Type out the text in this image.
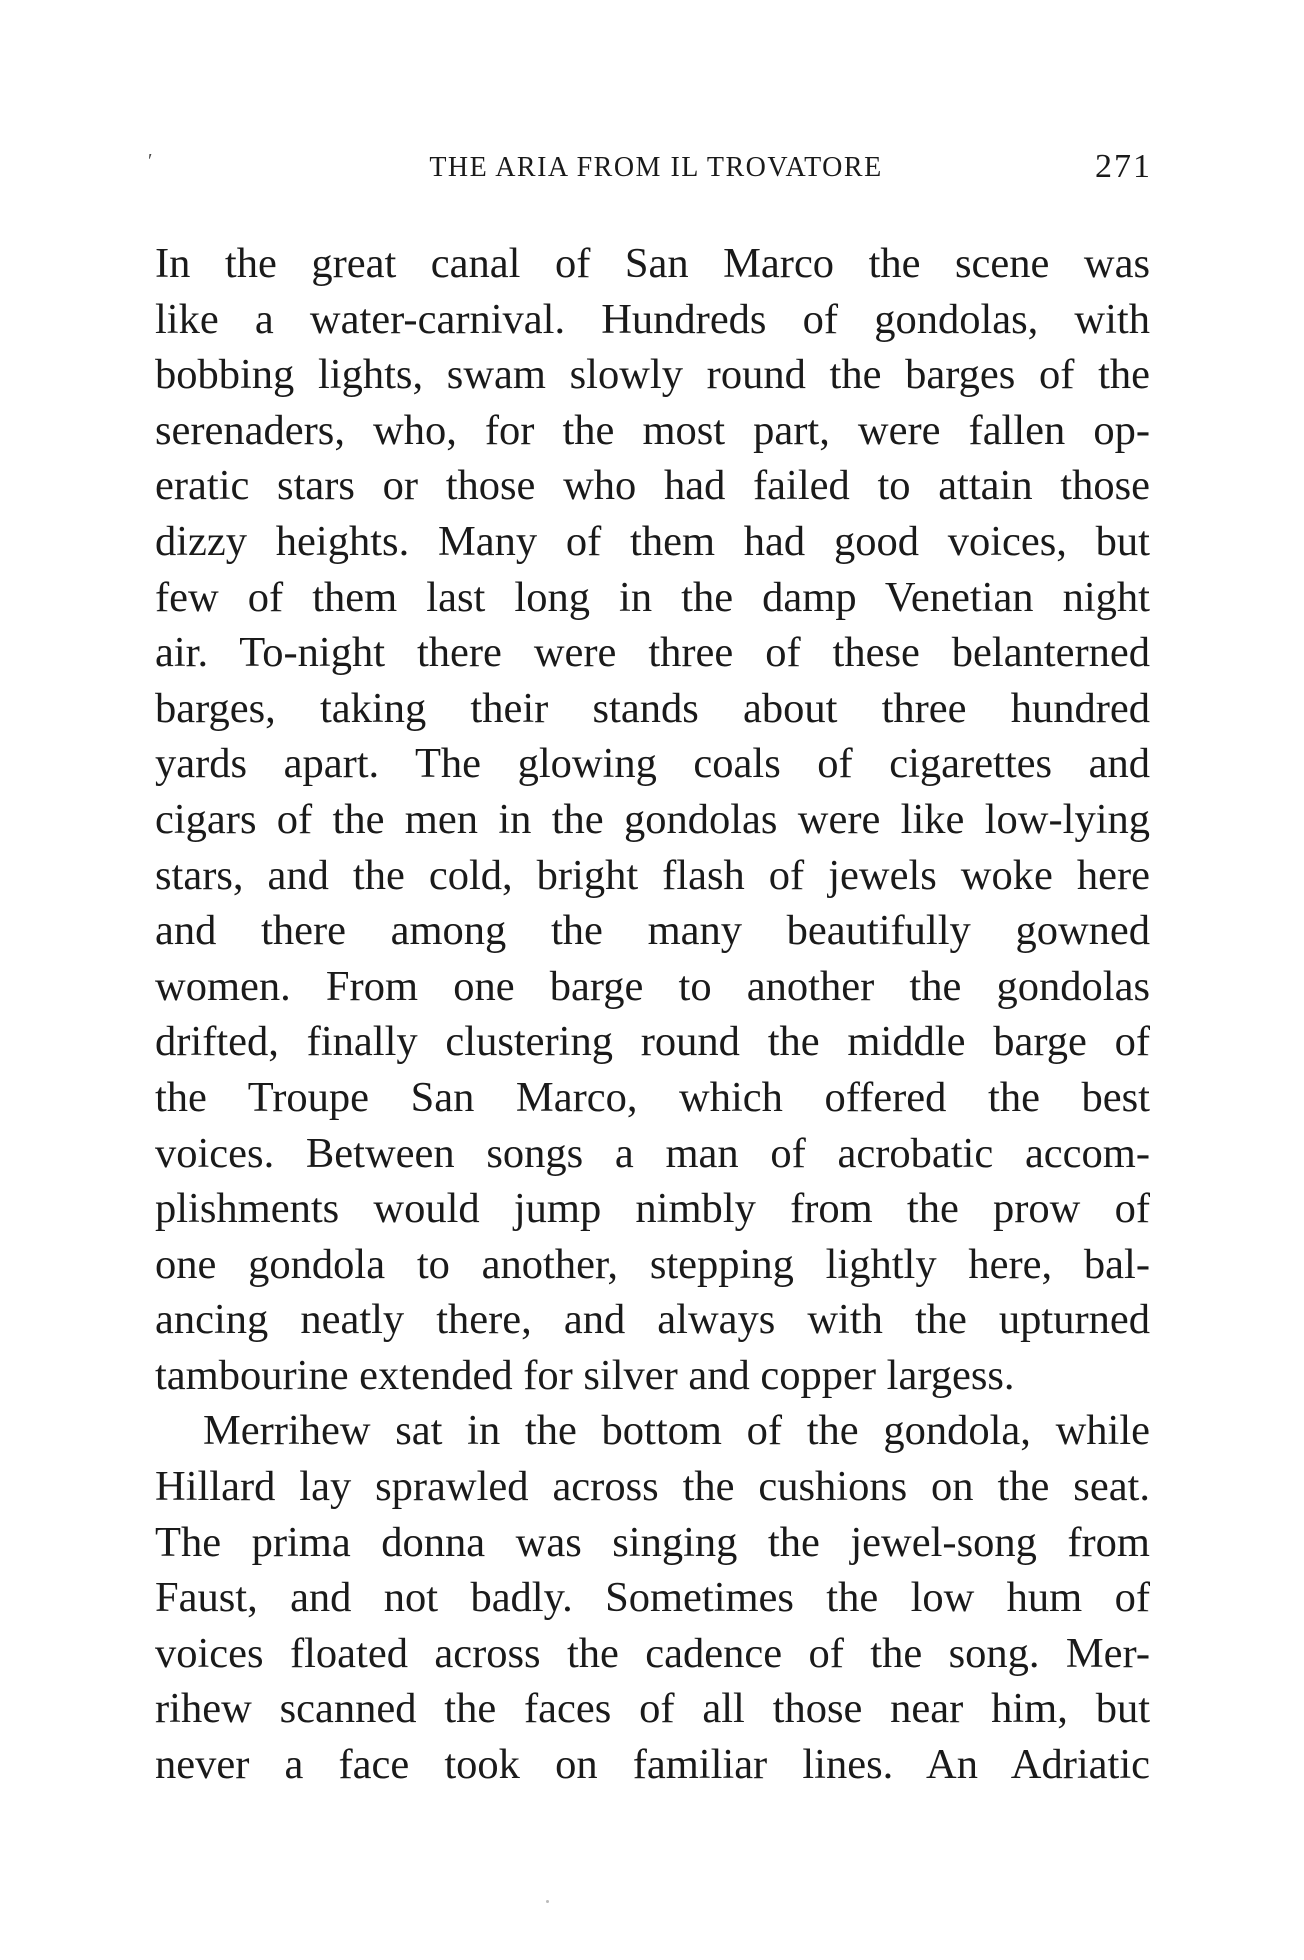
′	THE ARIA FROM IL TROVATORE	271
In the great canal of San Marco the scene was
like a water-carnival. Hundreds of gondolas, with
bobbing lights, swam slowly round the barges of the
serenaders, who, for the most part, were fallen op-
eratic stars or those who had failed to attain those
dizzy heights. Many of them had good voices, but
few of them last long in the damp Venetian night
air. To-night there were three of these belanterned
barges, taking their stands about three hundred
yards apart. The glowing coals of cigarettes and
cigars of the men in the gondolas were like low-lying
stars, and the cold, bright flash of jewels woke here
and there among the many beautifully gowned
women. From one barge to another the gondolas
drifted, finally clustering round the middle barge of
the Troupe San Marco, which offered the best
voices. Between songs a man of acrobatic accom-
plishments would jump nimbly from the prow of
one gondola to another, stepping lightly here, bal-
ancing neatly there, and always with the upturned
tambourine extended for silver and copper largess.
Merrihew sat in the bottom of the gondola, while
Hillard lay sprawled across the cushions on the seat.
The prima donna was singing the jewel-song from
Faust, and not badly. Sometimes the low hum of
voices floated across the cadence of the song. Mer-
rihew scanned the faces of all those near him, but
never a face took on familiar lines. An Adriatic
